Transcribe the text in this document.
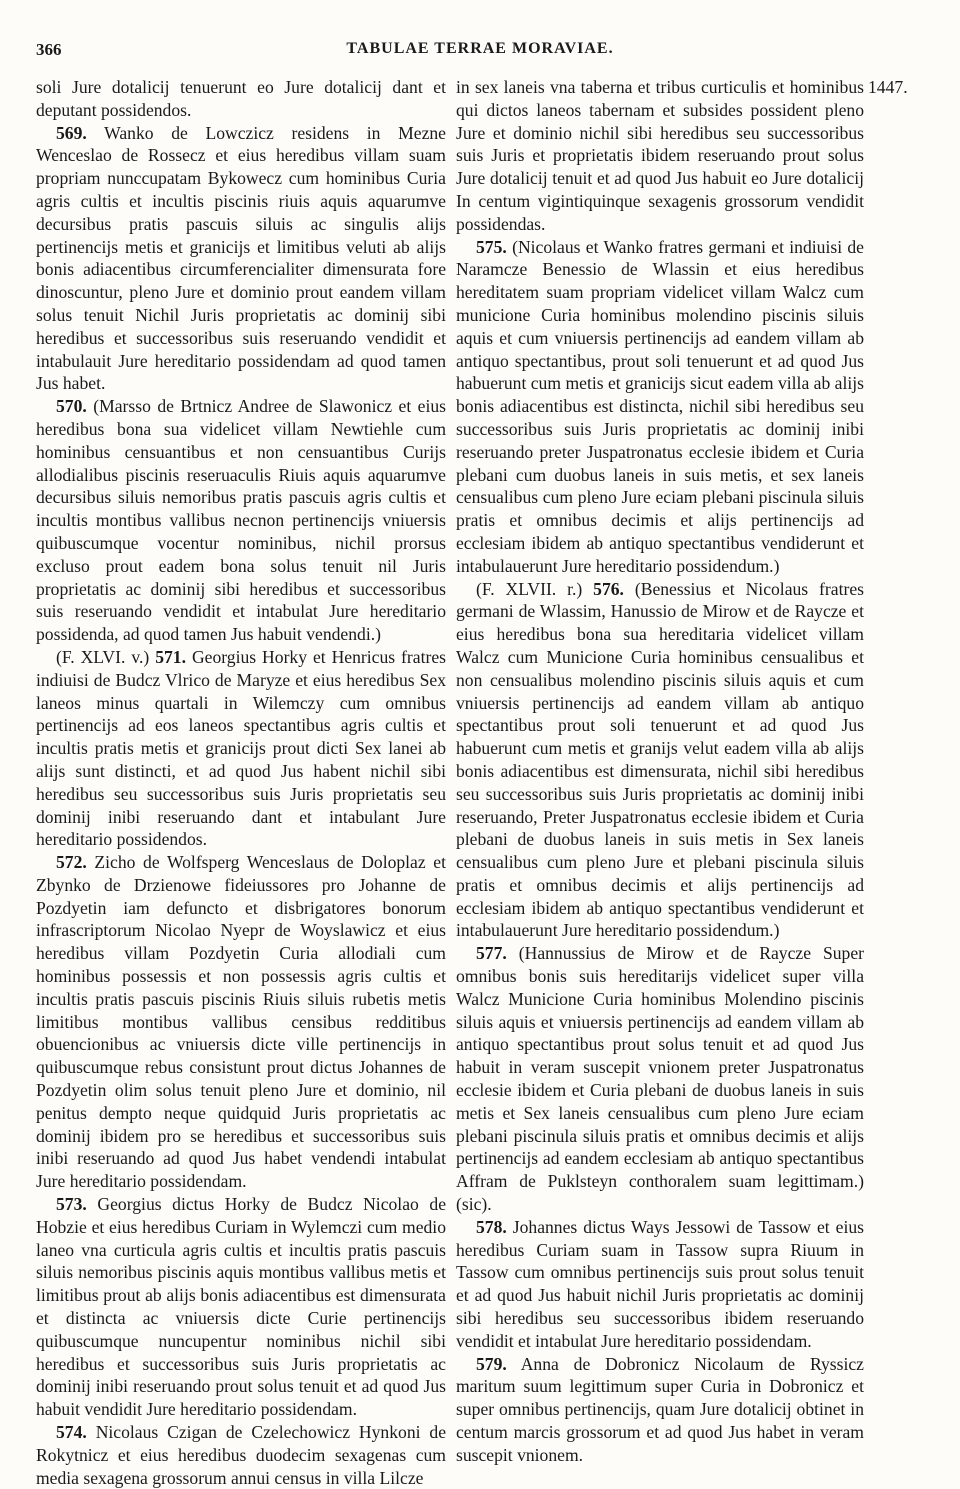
366	TABULAE TERRAE MORAVIAE.
1447.

soli Jure dotalicij tenuerunt eo Jure dotalicij dant et deputant possidendos.

569. Wanko de Lowczicz residens in Mezne Wenceslao de Rossecz et eius heredibus villam suam propriam nunccupatam Bykowecz cum hominibus Curia agris cultis et incultis piscinis riuis aquis aquarumve decursibus pratis pascuis siluis ac singulis alijs pertinencijs metis et granicijs et limitibus veluti ab alijs bonis adiacentibus circumferencialiter dimensurata fore dinoscuntur, pleno Jure et dominio prout eandem villam solus tenuit Nichil Juris proprietatis ac dominij sibi heredibus et successoribus suis reseruando vendidit et intabulauit Jure hereditario possidendam ad quod tamen Jus habet.

570. (Marsso de Brtnicz Andree de Slawonicz et eius heredibus bona sua videlicet villam Newtiehle cum hominibus censuantibus et non censuantibus Curijs allodialibus piscinis reseruaculis Riuis aquis aquarumve decursibus siluis nemoribus pratis pascuis agris cultis et incultis montibus vallibus necnon pertinencijs vniuersis quibuscumque vocentur nominibus, nichil prorsus excluso prout eadem bona solus tenuit nil Juris proprietatis ac dominij sibi heredibus et successoribus suis reseruando vendidit et intabulat Jure hereditario possidenda, ad quod tamen Jus habuit vendendi.)

(F. XLVI. v.) 571. Georgius Horky et Henricus fratres indiuisi de Budcz Vlrico de Maryze et eius heredibus Sex laneos minus quartali in Wilemczy cum omnibus pertinencijs ad eos laneos spectantibus agris cultis et incultis pratis metis et granicijs prout dicti Sex lanei ab alijs sunt distincti, et ad quod Jus habent nichil sibi heredibus seu successoribus suis Juris proprietatis seu dominij inibi reseruando dant et intabulant Jure hereditario possidendos.

572. Zicho de Wolfsperg Wenceslaus de Doloplaz et Zbynko de Drzienowe fideiussores pro Johanne de Pozdyetin iam defuncto et disbrigatores bonorum infrascriptorum Nicolao Nyepr de Woyslawicz et eius heredibus villam Pozdyetin Curia allodiali cum hominibus possessis et non possessis agris cultis et incultis pratis pascuis piscinis Riuis siluis rubetis metis limitibus montibus vallibus censibus redditibus obuencionibus ac vniuersis dicte ville pertinencijs in quibuscumque rebus consistunt prout dictus Johannes de Pozdyetin olim solus tenuit pleno Jure et dominio, nil penitus dempto neque quidquid Juris proprietatis ac dominij ibidem pro se heredibus et successoribus suis inibi reseruando ad quod Jus habet vendendi intabulat Jure hereditario possidendam.

573. Georgius dictus Horky de Budcz Nicolao de Hobzie et eius heredibus Curiam in Wylemczi cum medio laneo vna curticula agris cultis et incultis pratis pascuis siluis nemoribus piscinis aquis montibus vallibus metis et limitibus prout ab alijs bonis adiacentibus est dimensurata et distincta ac vniuersis dicte Curie pertinencijs quibuscumque nuncupentur nominibus nichil sibi heredibus et successoribus suis Juris proprietatis ac dominij inibi reseruando prout solus tenuit et ad quod Jus habuit vendidit Jure hereditario possidendam.

574. Nicolaus Czigan de Czelechowicz Hynkoni de Rokytnicz et eius heredibus duodecim sexagenas cum media sexagena grossorum annui census in villa Lilcze

in sex laneis vna taberna et tribus curticulis et hominibus qui dictos laneos tabernam et subsides possident pleno Jure et dominio nichil sibi heredibus seu successoribus suis Juris et proprietatis ibidem reseruando prout solus Jure dotalicij tenuit et ad quod Jus habuit eo Jure dotalicij In centum vigintiquinque sexagenis grossorum vendidit possidendas.

575. (Nicolaus et Wanko fratres germani et indiuisi de Naramcze Benessio de Wlassin et eius heredibus hereditatem suam propriam videlicet villam Walcz cum municione Curia hominibus molendino piscinis siluis aquis et cum vniuersis pertinencijs ad eandem villam ab antiquo spectantibus, prout soli tenuerunt et ad quod Jus habuerunt cum metis et granicijs sicut eadem villa ab alijs bonis adiacentibus est distincta, nichil sibi heredibus seu successoribus suis Juris proprietatis ac dominij inibi reseruando preter Juspatronatus ecclesie ibidem et Curia plebani cum duobus laneis in suis metis, et sex laneis censualibus cum pleno Jure eciam plebani piscinula siluis pratis et omnibus decimis et alijs pertinencijs ad ecclesiam ibidem ab antiquo spectantibus vendiderunt et intabulauerunt Jure hereditario possidendum.)

(F. XLVII. r.) 576. (Benessius et Nicolaus fratres germani de Wlassim, Hanussio de Mirow et de Raycze et eius heredibus bona sua hereditaria videlicet villam Walcz cum Municione Curia hominibus censualibus et non censualibus molendino piscinis siluis aquis et cum vniuersis pertinencijs ad eandem villam ab antiquo spectantibus prout soli tenuerunt et ad quod Jus habuerunt cum metis et granijs velut eadem villa ab alijs bonis adiacentibus est dimensurata, nichil sibi heredibus seu successoribus suis Juris proprietatis ac dominij inibi reseruando, Preter Juspatronatus ecclesie ibidem et Curia plebani de duobus laneis in suis metis in Sex laneis censualibus cum pleno Jure et plebani piscinula siluis pratis et omnibus decimis et alijs pertinencijs ad ecclesiam ibidem ab antiquo spectantibus vendiderunt et intabulauerunt Jure hereditario possidendum.)

577. (Hannussius de Mirow et de Raycze Super omnibus bonis suis hereditarijs videlicet super villa Walcz Municione Curia hominibus Molendino piscinis siluis aquis et vniuersis pertinencijs ad eandem villam ab antiquo spectantibus prout solus tenuit et ad quod Jus habuit in veram suscepit vnionem preter Juspatronatus ecclesie ibidem et Curia plebani de duobus laneis in suis metis et Sex laneis censualibus cum pleno Jure eciam plebani piscinula siluis pratis et omnibus decimis et alijs pertinencijs ad eandem ecclesiam ab antiquo spectantibus Affram de Puklsteyn conthoralem suam legittimam.) (sic).

578. Johannes dictus Ways Jessowi de Tassow et eius heredibus Curiam suam in Tassow supra Riuum in Tassow cum omnibus pertinencijs suis prout solus tenuit et ad quod Jus habuit nichil Juris proprietatis ac dominij sibi heredibus seu successoribus ibidem reseruando vendidit et intabulat Jure hereditario possidendam.

579. Anna de Dobronicz Nicolaum de Ryssicz maritum suum legittimum super Curia in Dobronicz et super omnibus pertinencijs, quam Jure dotalicij obtinet in centum marcis grossorum et ad quod Jus habet in veram suscepit vnionem.
